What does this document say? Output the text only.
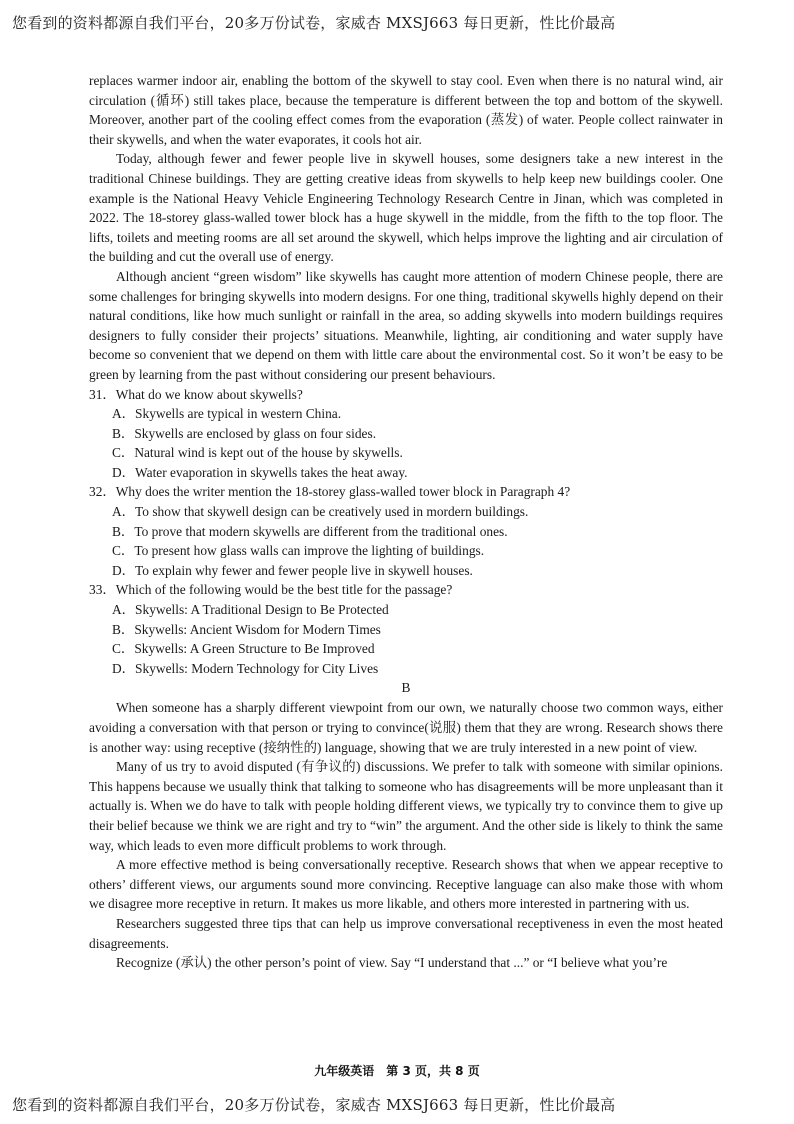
您看到的资料都源自我们平台，20多万份试卷，家威杏 MXSJ663 每日更新，性比价最高

replaces warmer indoor air, enabling the bottom of the skywell to stay cool. Even when there is no natural wind, air circulation (循环) still takes place, because the temperature is different between the top and bottom of the skywell. Moreover, another part of the cooling effect comes from the evaporation (蒸发) of water. People collect rainwater in their skywells, and when the water evaporates, it cools hot air.

Today, although fewer and fewer people live in skywell houses, some designers take a new interest in the traditional Chinese buildings. They are getting creative ideas from skywells to help keep new buildings cooler. One example is the National Heavy Vehicle Engineering Technology Research Centre in Jinan, which was completed in 2022. The 18-storey glass-walled tower block has a huge skywell in the middle, from the fifth to the top floor. The lifts, toilets and meeting rooms are all set around the skywell, which helps improve the lighting and air circulation of the building and cut the overall use of energy.

Although ancient “green wisdom” like skywells has caught more attention of modern Chinese people, there are some challenges for bringing skywells into modern designs. For one thing, traditional skywells highly depend on their natural conditions, like how much sunlight or rainfall in the area, so adding skywells into modern buildings requires designers to fully consider their projects’ situations. Meanwhile, lighting, air conditioning and water supply have become so convenient that we depend on them with little care about the environmental cost. So it won’t be easy to be green by learning from the past without considering our present behaviours.

31．What do we know about skywells?
A．Skywells are typical in western China.
B．Skywells are enclosed by glass on four sides.
C．Natural wind is kept out of the house by skywells.
D．Water evaporation in skywells takes the heat away.
32．Why does the writer mention the 18-storey glass-walled tower block in Paragraph 4?
A．To show that skywell design can be creatively used in mordern buildings.
B．To prove that modern skywells are different from the traditional ones.
C．To present how glass walls can improve the lighting of buildings.
D．To explain why fewer and fewer people live in skywell houses.
33．Which of the following would be the best title for the passage?
A．Skywells: A Traditional Design to Be Protected
B．Skywells: Ancient Wisdom for Modern Times
C．Skywells: A Green Structure to Be Improved
D．Skywells: Modern Technology for City Lives

B

When someone has a sharply different viewpoint from our own, we naturally choose two common ways, either avoiding a conversation with that person or trying to convince(说服) them that they are wrong. Research shows there is another way: using receptive (接纳性的) language, showing that we are truly interested in a new point of view.

Many of us try to avoid disputed (有争议的) discussions. We prefer to talk with someone with similar opinions. This happens because we usually think that talking to someone who has disagreements will be more unpleasant than it actually is. When we do have to talk with people holding different views, we typically try to convince them to give up their belief because we think we are right and try to “win” the argument. And the other side is likely to think the same way, which leads to even more difficult problems to work through.

A more effective method is being conversationally receptive. Research shows that when we appear receptive to others’ different views, our arguments sound more convincing. Receptive language can also make those with whom we disagree more receptive in return. It makes us more likable, and others more interested in partnering with us.

Researchers suggested three tips that can help us improve conversational receptiveness in even the most heated disagreements.

Recognize (承认) the other person’s point of view. Say “I understand that ...” or “I believe what you’re

九年级英语　第 3 页，共 8 页
您看到的资料都源自我们平台，20多万份试卷，家威杏 MXSJ663 每日更新，性比价最高
